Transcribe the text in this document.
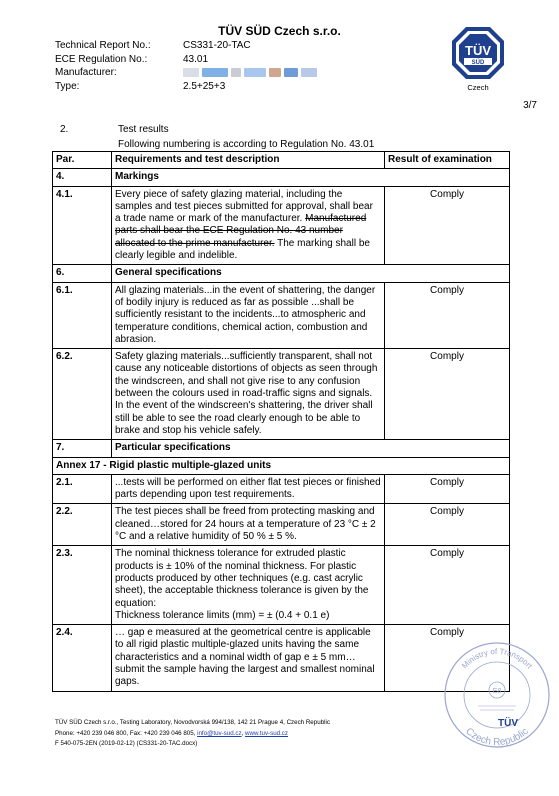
TÜV SÜD Czech s.r.o.
Technical Report No.:	CS331-20-TAC
ECE Regulation No.:	43.01
Manufacturer:
Type:	2.5+25+3
TÜV
SÜD
Czech
3/7
2.	Test results
Following numbering is according to Regulation No. 43.01
Par.	Requirements and test description	Result of examination
4.	Markings	
4.1.	Every piece of safety glazing material, including the samples and test pieces submitted for approval, shall bear a trade name or mark of the manufacturer. Manufactured parts shall bear the ECE Regulation No. 43 number allocated to the prime manufacturer. The marking shall be clearly legible and indelible.	Comply
6.	General specifications	
6.1.	All glazing materials...in the event of shattering, the danger of bodily injury is reduced as far as possible ...shall be sufficiently resistant to the incidents...to atmospheric and temperature conditions, chemical action, combustion and abrasion.	Comply
6.2.	Safety glazing materials...sufficiently transparent, shall not cause any noticeable distortions of objects as seen through the windscreen, and shall not give rise to any confusion between the colours used in road-traffic signs and signals. In the event of the windscreen's shattering, the driver shall still be able to see the road clearly enough to be able to brake and stop his vehicle safely.	Comply
7.	Particular specifications	
Annex 17 - Rigid plastic multiple-glazed units		
2.1.	...tests will be performed on either flat test pieces or finished parts depending upon test requirements.	Comply
2.2.	The test pieces shall be freed from protecting masking and cleaned…stored for 24 hours at a temperature of 23 °C ± 2 °C and a relative humidity of 50 % ± 5 %.	Comply
2.3.	The nominal thickness tolerance for extruded plastic products is ± 10% of the nominal thickness. For plastic products produced by other techniques (e.g. cast acrylic sheet), the acceptable thickness tolerance is given by the equation:
Thickness tolerance limits (mm) = ± (0.4 + 0.1 e)	Comply
2.4.	… gap e measured at the geometrical centre is applicable to all rigid plastic multiple-glazed units having the same characteristics and a nominal width of gap e ± 5 mm…submit the sample having the largest and smallest nominal gaps.	Comply
TÜV SÜD Czech s.r.o., Testing Laboratory, Novodvorská 994/138, 142 21 Prague 4, Czech Republic
Phone: +420 239 046 800, Fax: +420 239 046 805, info@tuv-sud.cz, www.tuv-sud.cz
F 540-075-2EN (2019-02-12) (CS331-20-TAC.docx)
Ministry of Transport
Czech Republic
E8
TÜV
